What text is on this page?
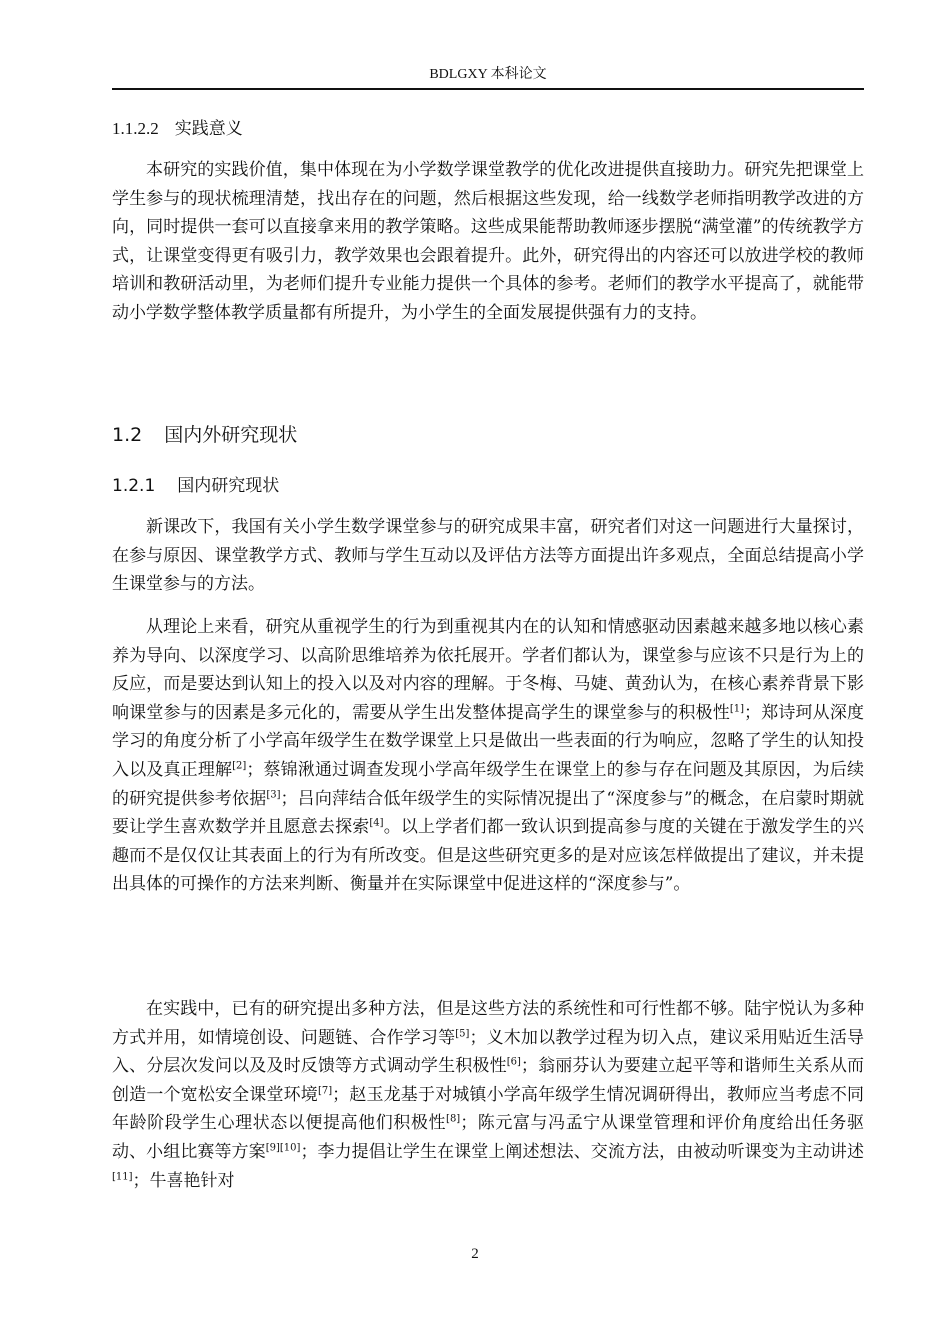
BDLGXY 本科论文
1.1.2.2 实践意义

本研究的实践价值，集中体现在为小学数学课堂教学的优化改进提供直接助力。研究先把课堂上学生参与的现状梳理清楚，找出存在的问题，然后根据这些发现，给一线数学老师指明教学改进的方向，同时提供一套可以直接拿来用的教学策略。这些成果能帮助教师逐步摆脱“满堂灌”的传统教学方式，让课堂变得更有吸引力，教学效果也会跟着提升。此外，研究得出的内容还可以放进学校的教师培训和教研活动里，为老师们提升专业能力提供一个具体的参考。老师们的教学水平提高了，就能带动小学数学整体教学质量都有所提升，为小学生的全面发展提供强有力的支持。

1.2 国内外研究现状
1.2.1 国内研究现状

新课改下，我国有关小学生数学课堂参与的研究成果丰富，研究者们对这一问题进行大量探讨，在参与原因、课堂教学方式、教师与学生互动以及评估方法等方面提出许多观点，全面总结提高小学生课堂参与的方法。

从理论上来看，研究从重视学生的行为到重视其内在的认知和情感驱动因素越来越多地以核心素养为导向、以深度学习、以高阶思维培养为依托展开。学者们都认为，课堂参与应该不只是行为上的反应，而是要达到认知上的投入以及对内容的理解。于冬梅、马婕、黄劲认为，在核心素养背景下影响课堂参与的因素是多元化的，需要从学生出发整体提高学生的课堂参与的积极性[1]；郑诗珂从深度学习的角度分析了小学高年级学生在数学课堂上只是做出一些表面的行为响应，忽略了学生的认知投入以及真正理解[2]；蔡锦湫通过调查发现小学高年级学生在课堂上的参与存在问题及其原因，为后续的研究提供参考依据[3]；吕向萍结合低年级学生的实际情况提出了“深度参与”的概念，在启蒙时期就要让学生喜欢数学并且愿意去探索[4]。以上学者们都一致认识到提高参与度的关键在于激发学生的兴趣而不是仅仅让其表面上的行为有所改变。但是这些研究更多的是对应该怎样做提出了建议，并未提出具体的可操作的方法来判断、衡量并在实际课堂中促进这样的“深度参与”。

在实践中，已有的研究提出多种方法，但是这些方法的系统性和可行性都不够。陆宇悦认为多种方式并用，如情境创设、问题链、合作学习等[5]；义木加以教学过程为切入点，建议采用贴近生活导入、分层次发问以及及时反馈等方式调动学生积极性[6]；翁丽芬认为要建立起平等和谐师生关系从而创造一个宽松安全课堂环境[7]；赵玉龙基于对城镇小学高年级学生情况调研得出，教师应当考虑不同年龄阶段学生心理状态以便提高他们积极性[8]；陈元富与冯孟宁从课堂管理和评价角度给出任务驱动、小组比赛等方案[9][10]；李力提倡让学生在课堂上阐述想法、交流方法，由被动听课变为主动讲述[11]；牛喜艳针对

2
